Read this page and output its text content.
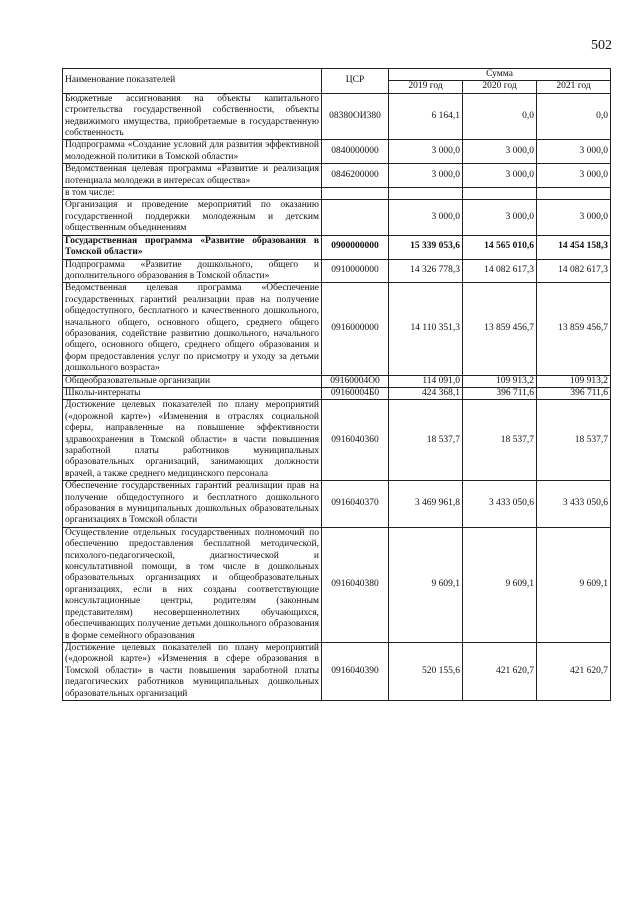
502
Наименование показателей	ЦСР	Сумма		
		2019 год	2020 год	2021 год
Бюджетные ассигнования на объекты капитального строительства государственной собственности, объекты недвижимого имущества, приобретаемые в государственную собственность	08380ОИ380	6 164,1	0,0	0,0
Подпрограмма «Создание условий для развития эффективной молодежной политики в Томской области»	0840000000	3 000,0	3 000,0	3 000,0
Ведомственная целевая программа «Развитие и реализация потенциала молодежи в интересах общества»	0846200000	3 000,0	3 000,0	3 000,0
в том числе:				
Организация и проведение мероприятий по оказанию государственной поддержки молодежным и детским общественным объединениям		3 000,0	3 000,0	3 000,0
Государственная программа «Развитие образования в Томской области»	0900000000	15 339 053,6	14 565 010,6	14 454 158,3
Подпрограмма «Развитие дошкольного, общего и дополнительного образования в Томской области»	0910000000	14 326 778,3	14 082 617,3	14 082 617,3
Ведомственная целевая программа «Обеспечение государственных гарантий реализации прав на получение общедоступного, бесплатного и качественного дошкольного, начального общего, основного общего, среднего общего образования, содействие развитию дошкольного, начального общего, основного общего, среднего общего образования и форм предоставления услуг по присмотру и уходу за детьми дошкольного возраста»	0916000000	14 110 351,3	13 859 456,7	13 859 456,7
Общеобразовательные организации	09160004О0	114 091,0	109 913,2	109 913,2
Школы-интернаты	09160004Б0	424 368,1	396 711,6	396 711,6
Достижение целевых показателей по плану мероприятий («дорожной карте») «Изменения в отраслях социальной сферы, направленные на повышение эффективности здравоохранения в Томской области» в части повышения заработной платы работников муниципальных образовательных организаций, занимающих должности врачей, а также среднего медицинского персонала	0916040360	18 537,7	18 537,7	18 537,7
Обеспечение государственных гарантий реализации прав на получение общедоступного и бесплатного дошкольного образования в муниципальных дошкольных образовательных организациях в Томской области	0916040370	3 469 961,8	3 433 050,6	3 433 050,6
Осуществление отдельных государственных полномочий по обеспечению предоставления бесплатной методической, психолого-педагогической, диагностической и консультативной помощи, в том числе в дошкольных образовательных организациях и общеобразовательных организациях, если в них созданы соответствующие консультационные центры, родителям (законным представителям) несовершеннолетних обучающихся, обеспечивающих получение детьми дошкольного образования в форме семейного образования	0916040380	9 609,1	9 609,1	9 609,1
Достижение целевых показателей по плану мероприятий («дорожной карте») «Изменения в сфере образования в Томской области» в части повышения заработной платы педагогических работников муниципальных дошкольных образовательных организаций	0916040390	520 155,6	421 620,7	421 620,7
